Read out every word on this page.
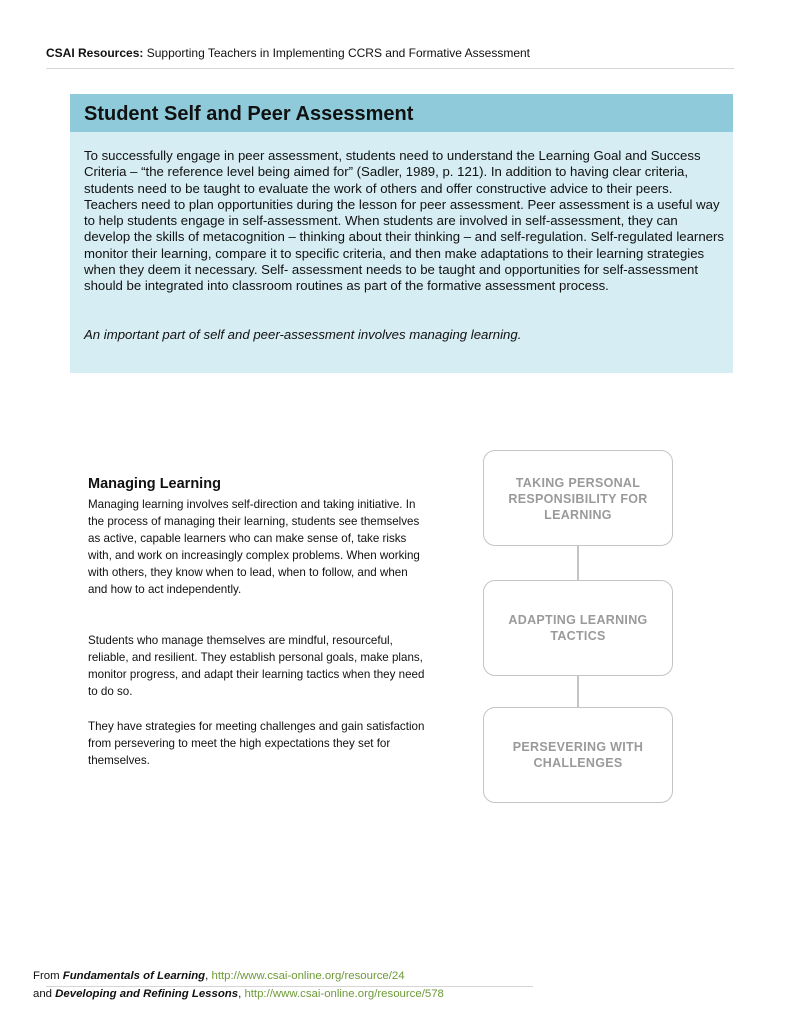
CSAI Resources: Supporting Teachers in Implementing CCRS and Formative Assessment
Student Self and Peer Assessment
To successfully engage in peer assessment, students need to understand the Learning Goal and Success Criteria – “the reference level being aimed for” (Sadler, 1989, p. 121). In addition to having clear criteria, students need to be taught to evaluate the work of others and offer constructive advice to their peers. Teachers need to plan opportunities during the lesson for peer assessment. Peer assessment is a useful way to help students engage in self-assessment. When students are involved in self-assessment, they can develop the skills of metacognition – thinking about their thinking – and self-regulation. Self-regulated learners monitor their learning, compare it to specific criteria, and then make adaptations to their learning strategies when they deem it necessary. Self- assessment needs to be taught and opportunities for self-assessment should be integrated into classroom routines as part of the formative assessment process.
An important part of self and peer-assessment involves managing learning.
Managing Learning
Managing learning involves self-direction and taking initiative. In the process of managing their learning, students see themselves as active, capable learners who can make sense of, take risks with, and work on increasingly complex problems. When working with others, they know when to lead, when to follow, and when and how to act independently.
Students who manage themselves are mindful, resourceful, reliable, and resilient. They establish personal goals, make plans, monitor progress, and adapt their learning tactics when they need to do so.
They have strategies for meeting challenges and gain satisfaction from persevering to meet the high expectations they set for themselves.
TAKING PERSONAL RESPONSIBILITY FOR LEARNING
ADAPTING LEARNING TACTICS
PERSEVERING WITH CHALLENGES
From Fundamentals of Learning, http://www.csai-online.org/resource/24
and Developing and Refining Lessons, http://www.csai-online.org/resource/578
